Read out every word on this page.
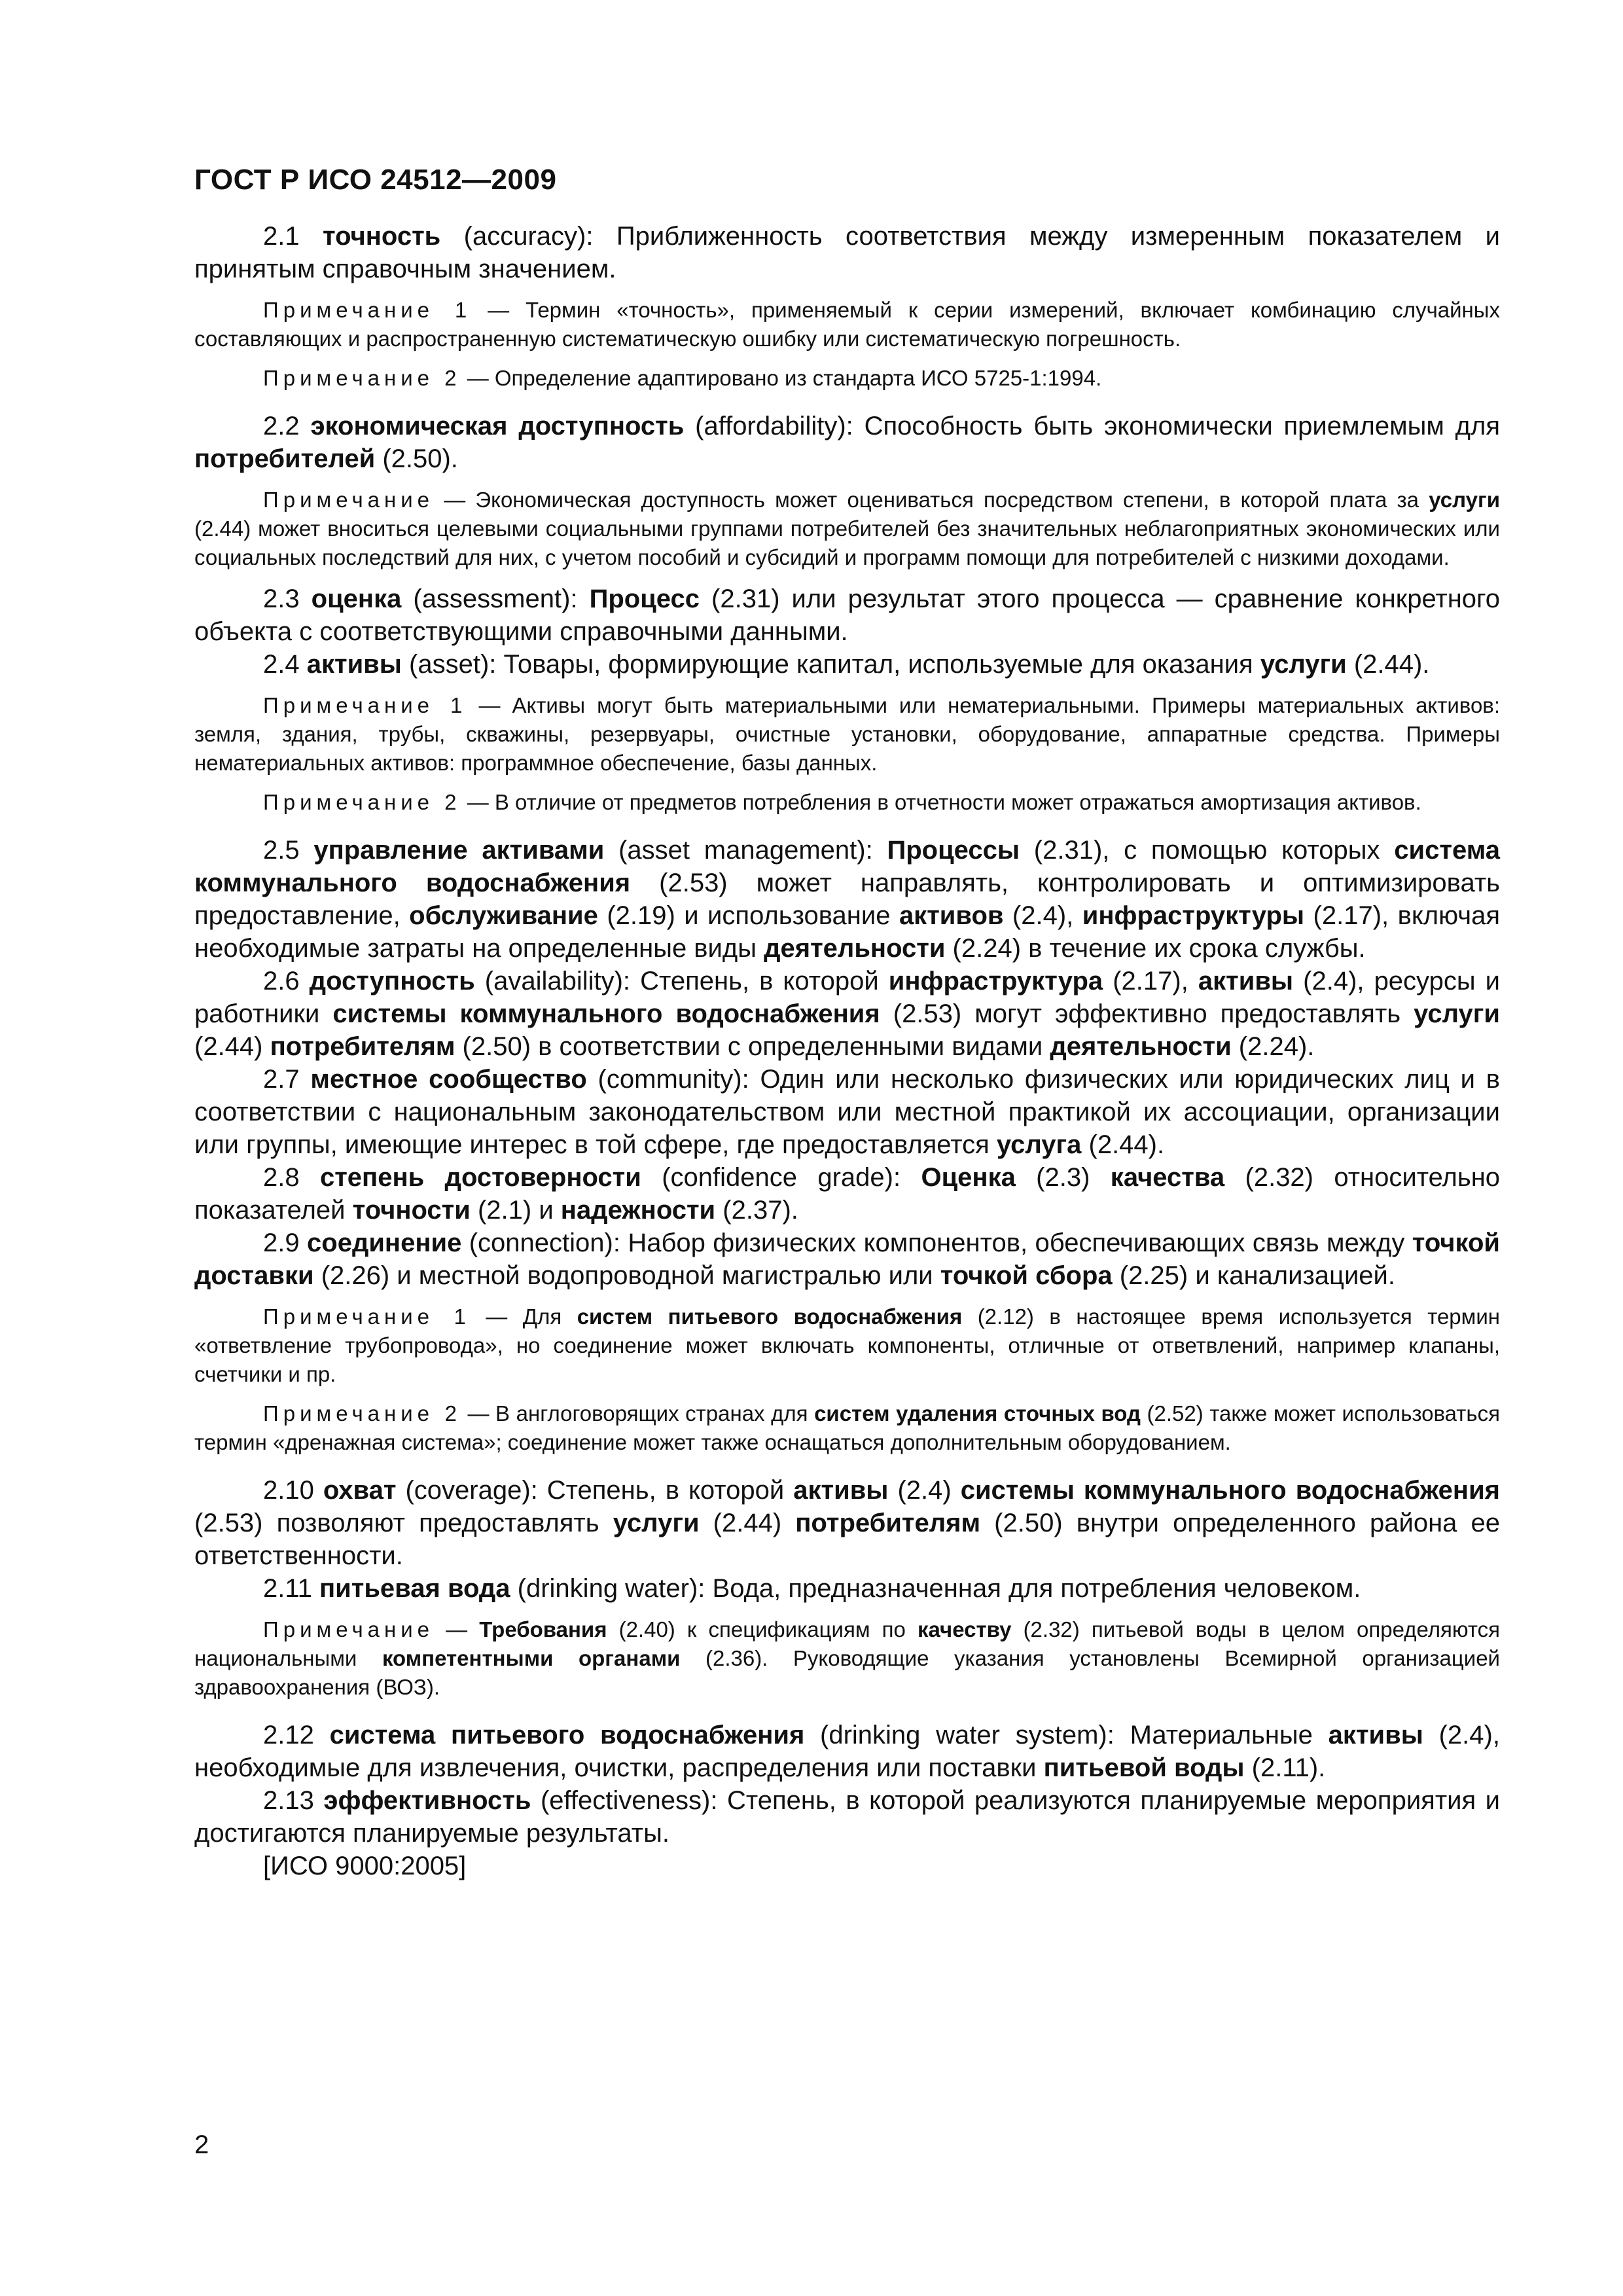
ГОСТ Р ИСО 24512—2009

2.1 точность (accuracy): Приближенность соответствия между измеренным показателем и принятым справочным значением.

Примечание 1 — Термин «точность», применяемый к серии измерений, включает комбинацию случайных составляющих и распространенную систематическую ошибку или систематическую погрешность.

Примечание 2 — Определение адаптировано из стандарта ИСО 5725-1:1994.

2.2 экономическая доступность (affordability): Способность быть экономически приемлемым для потребителей (2.50).

Примечание — Экономическая доступность может оцениваться посредством степени, в которой плата за услуги (2.44) может вноситься целевыми социальными группами потребителей без значительных неблагоприятных экономических или социальных последствий для них, с учетом пособий и субсидий и программ помощи для потребителей с низкими доходами.

2.3 оценка (assessment): Процесс (2.31) или результат этого процесса — сравнение конкретного объекта с соответствующими справочными данными.

2.4 активы (asset): Товары, формирующие капитал, используемые для оказания услуги (2.44).

Примечание 1 — Активы могут быть материальными или нематериальными. Примеры материальных активов: земля, здания, трубы, скважины, резервуары, очистные установки, оборудование, аппаратные средства. Примеры нематериальных активов: программное обеспечение, базы данных.

Примечание 2 — В отличие от предметов потребления в отчетности может отражаться амортизация активов.

2.5 управление активами (asset management): Процессы (2.31), с помощью которых система коммунального водоснабжения (2.53) может направлять, контролировать и оптимизировать предоставление, обслуживание (2.19) и использование активов (2.4), инфраструктуры (2.17), включая необходимые затраты на определенные виды деятельности (2.24) в течение их срока службы.

2.6 доступность (availability): Степень, в которой инфраструктура (2.17), активы (2.4), ресурсы и работники системы коммунального водоснабжения (2.53) могут эффективно предоставлять услуги (2.44) потребителям (2.50) в соответствии с определенными видами деятельности (2.24).

2.7 местное сообщество (community): Один или несколько физических или юридических лиц и в соответствии с национальным законодательством или местной практикой их ассоциации, организации или группы, имеющие интерес в той сфере, где предоставляется услуга (2.44).

2.8 степень достоверности (confidence grade): Оценка (2.3) качества (2.32) относительно показателей точности (2.1) и надежности (2.37).

2.9 соединение (connection): Набор физических компонентов, обеспечивающих связь между точкой доставки (2.26) и местной водопроводной магистралью или точкой сбора (2.25) и канализацией.

Примечание 1 — Для систем питьевого водоснабжения (2.12) в настоящее время используется термин «ответвление трубопровода», но соединение может включать компоненты, отличные от ответвлений, например клапаны, счетчики и пр.

Примечание 2 — В англоговорящих странах для систем удаления сточных вод (2.52) также может использоваться термин «дренажная система»; соединение может также оснащаться дополнительным оборудованием.

2.10 охват (coverage): Степень, в которой активы (2.4) системы коммунального водоснабжения (2.53) позволяют предоставлять услуги (2.44) потребителям (2.50) внутри определенного района ее ответственности.

2.11 питьевая вода (drinking water): Вода, предназначенная для потребления человеком.

Примечание — Требования (2.40) к спецификациям по качеству (2.32) питьевой воды в целом определяются национальными компетентными органами (2.36). Руководящие указания установлены Всемирной организацией здравоохранения (ВОЗ).

2.12 система питьевого водоснабжения (drinking water system): Материальные активы (2.4), необходимые для извлечения, очистки, распределения или поставки питьевой воды (2.11).

2.13 эффективность (effectiveness): Степень, в которой реализуются планируемые мероприятия и достигаются планируемые результаты.

[ИСО 9000:2005]

2
